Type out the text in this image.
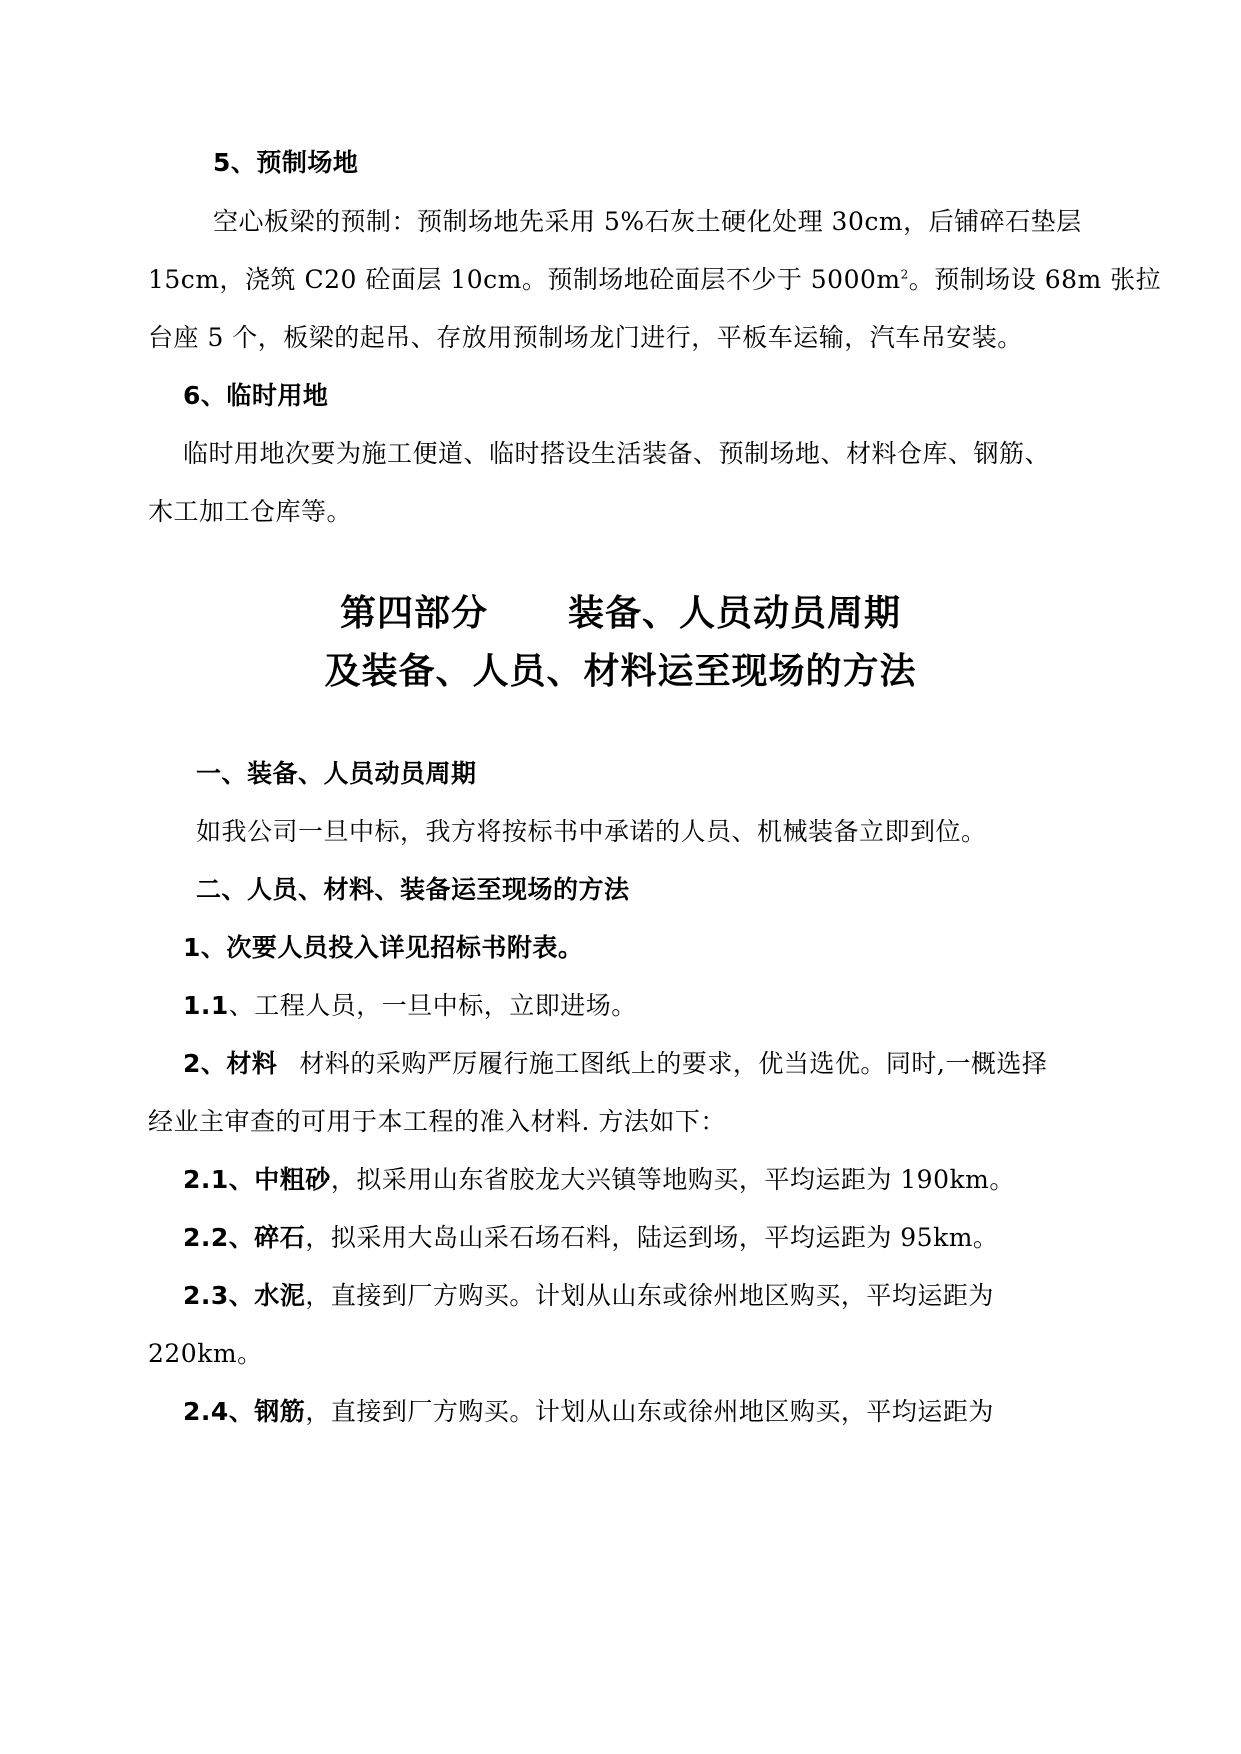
5、预制场地
空心板梁的预制：预制场地先采用 5%石灰土硬化处理 30cm，后铺碎石垫层
15cm，浇筑 C20 砼面层 10cm。预制场地砼面层不少于 $5000m^2$。预制场设 68m 张拉
台座 5 个，板梁的起吊、存放用预制场龙门进行，平板车运输，汽车吊安装。
6、临时用地
临时用地次要为施工便道、临时搭设生活装备、预制场地、材料仓库、钢筋、
木工加工仓库等。
第四部分 装备、人员动员周期
及装备、人员、材料运至现场的方法
一、装备、人员动员周期
如我公司一旦中标，我方将按标书中承诺的人员、机械装备立即到位。
二、人员、材料、装备运至现场的方法
1、次要人员投入详见招标书附表。
1.1、工程人员，一旦中标，立即进场。
2、材料 材料的采购严厉履行施工图纸上的要求，优当选优。同时,一概选择
经业主审查的可用于本工程的准入材料. 方法如下：
2.1、中粗砂，拟采用山东省胶龙大兴镇等地购买，平均运距为 190km。
2.2、碎石，拟采用大岛山采石场石料，陆运到场，平均运距为 95km。
2.3、水泥，直接到厂方购买。计划从山东或徐州地区购买，平均运距为
220km。
2.4、钢筋，直接到厂方购买。计划从山东或徐州地区购买，平均运距为
